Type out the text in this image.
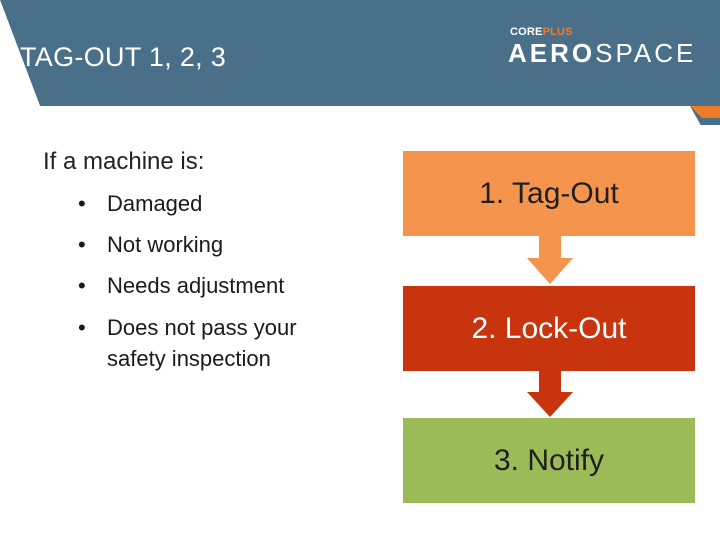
TAG-OUT 1, 2, 3
COREPLUS
AEROSPACE
If a machine is:
• Damaged
• Not working
• Needs adjustment
• Does not pass your safety inspection
1. Tag-Out
2. Lock-Out
3. Notify
